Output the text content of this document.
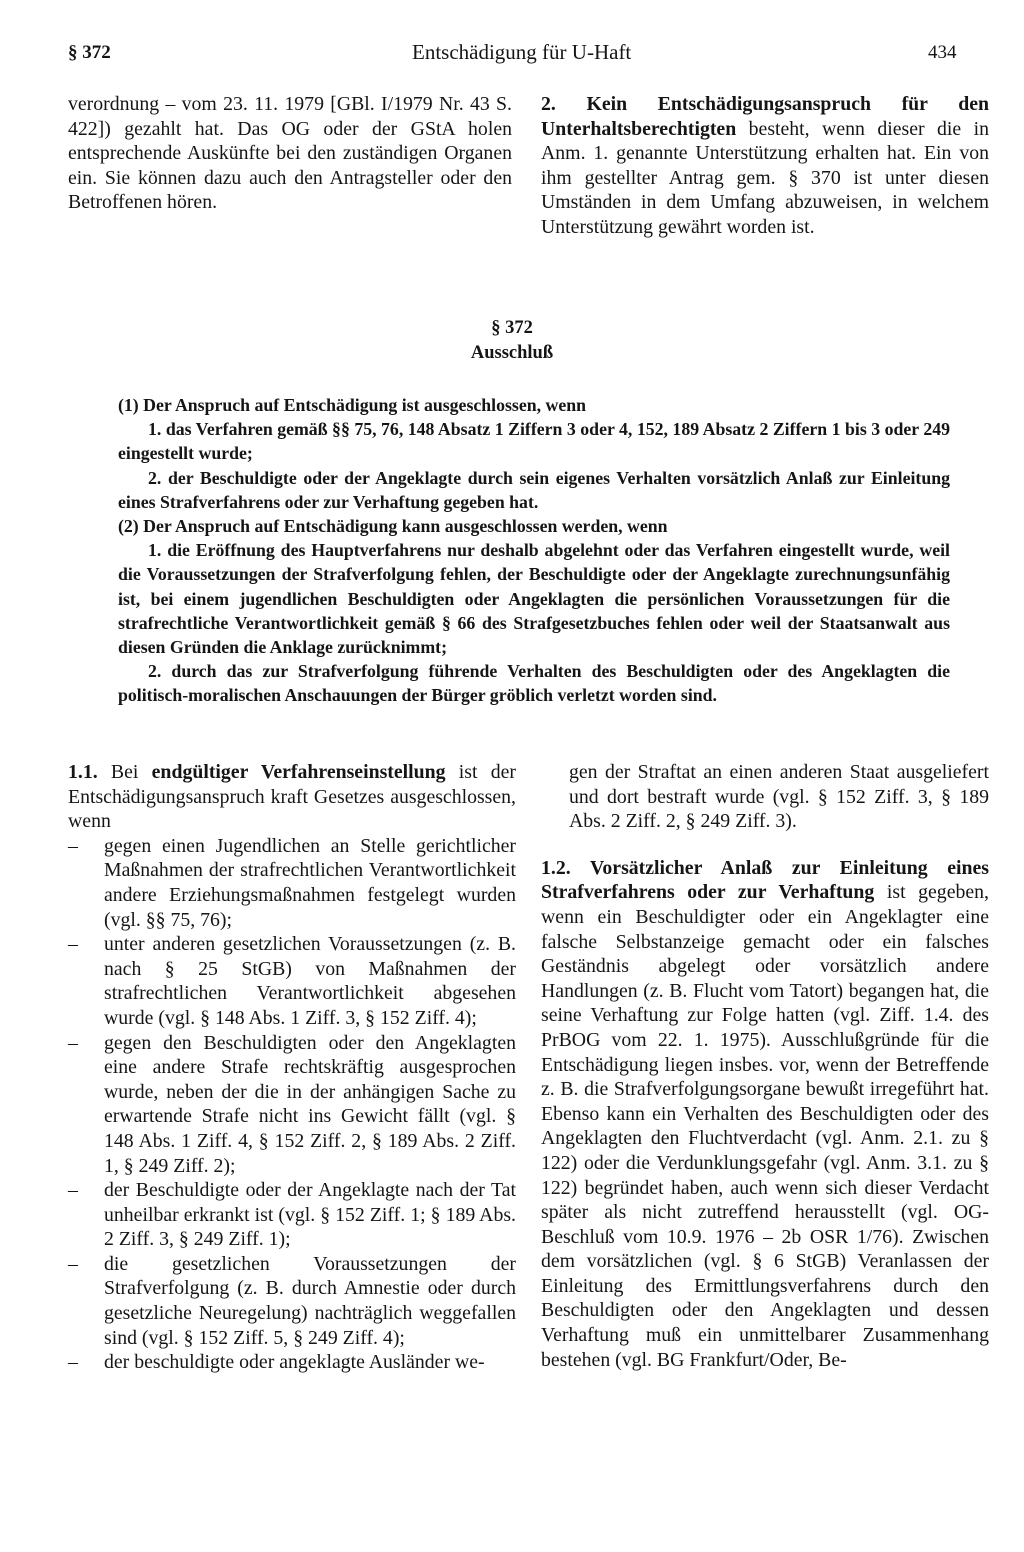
§ 372	Entschädigung für U-Haft	434

verordnung – vom 23. 11. 1979 [GBl. I/1979 Nr. 43 S. 422]) gezahlt hat. Das OG oder der GStA holen entsprechende Auskünfte bei den zuständigen Organen ein. Sie können dazu auch den Antragsteller oder den Betroffenen hören.

2. Kein Entschädigungsanspruch für den Unterhaltsberechtigten besteht, wenn dieser die in Anm. 1. genannte Unterstützung erhalten hat. Ein von ihm gestellter Antrag gem. § 370 ist unter diesen Umständen in dem Umfang abzuweisen, in welchem Unterstützung gewährt worden ist.

§ 372
Ausschluß

(1) Der Anspruch auf Entschädigung ist ausgeschlossen, wenn

1. das Verfahren gemäß §§ 75, 76, 148 Absatz 1 Ziffern 3 oder 4, 152, 189 Absatz 2 Ziffern 1 bis 3 oder 249 eingestellt wurde;

2. der Beschuldigte oder der Angeklagte durch sein eigenes Verhalten vorsätzlich Anlaß zur Einleitung eines Strafverfahrens oder zur Verhaftung gegeben hat.

(2) Der Anspruch auf Entschädigung kann ausgeschlossen werden, wenn

1. die Eröffnung des Hauptverfahrens nur deshalb abgelehnt oder das Verfahren eingestellt wurde, weil die Voraussetzungen der Strafverfolgung fehlen, der Beschuldigte oder der Angeklagte zurechnungsunfähig ist, bei einem jugendlichen Beschuldigten oder Angeklagten die persönlichen Voraussetzungen für die strafrechtliche Verantwortlichkeit gemäß § 66 des Strafgesetzbuches fehlen oder weil der Staatsanwalt aus diesen Gründen die Anklage zurücknimmt;

2. durch das zur Strafverfolgung führende Verhalten des Beschuldigten oder des Angeklagten die politisch-moralischen Anschauungen der Bürger gröblich verletzt worden sind.

1.1. Bei endgültiger Verfahrenseinstellung ist der Entschädigungsanspruch kraft Gesetzes ausgeschlossen, wenn

– gegen einen Jugendlichen an Stelle gerichtlicher Maßnahmen der strafrechtlichen Verantwortlichkeit andere Erziehungsmaßnahmen festgelegt wurden (vgl. §§ 75, 76);
– unter anderen gesetzlichen Voraussetzungen (z. B. nach § 25 StGB) von Maßnahmen der strafrechtlichen Verantwortlichkeit abgesehen wurde (vgl. § 148 Abs. 1 Ziff. 3, § 152 Ziff. 4);
– gegen den Beschuldigten oder den Angeklagten eine andere Strafe rechtskräftig ausgesprochen wurde, neben der die in der anhängigen Sache zu erwartende Strafe nicht ins Gewicht fällt (vgl. § 148 Abs. 1 Ziff. 4, § 152 Ziff. 2, § 189 Abs. 2 Ziff. 1, § 249 Ziff. 2);
– der Beschuldigte oder der Angeklagte nach der Tat unheilbar erkrankt ist (vgl. § 152 Ziff. 1; § 189 Abs. 2 Ziff. 3, § 249 Ziff. 1);
– die gesetzlichen Voraussetzungen der Strafverfolgung (z. B. durch Amnestie oder durch gesetzliche Neuregelung) nachträglich weggefallen sind (vgl. § 152 Ziff. 5, § 249 Ziff. 4);
– der beschuldigte oder angeklagte Ausländer we-

gen der Straftat an einen anderen Staat ausgeliefert und dort bestraft wurde (vgl. § 152 Ziff. 3, § 189 Abs. 2 Ziff. 2, § 249 Ziff. 3).

1.2. Vorsätzlicher Anlaß zur Einleitung eines Strafverfahrens oder zur Verhaftung ist gegeben, wenn ein Beschuldigter oder ein Angeklagter eine falsche Selbstanzeige gemacht oder ein falsches Geständnis abgelegt oder vorsätzlich andere Handlungen (z. B. Flucht vom Tatort) begangen hat, die seine Verhaftung zur Folge hatten (vgl. Ziff. 1.4. des PrBOG vom 22. 1. 1975). Ausschlußgründe für die Entschädigung liegen insbes. vor, wenn der Betreffende z. B. die Strafverfolgungsorgane bewußt irregeführt hat. Ebenso kann ein Verhalten des Beschuldigten oder des Angeklagten den Fluchtverdacht (vgl. Anm. 2.1. zu § 122) oder die Verdunklungsgefahr (vgl. Anm. 3.1. zu § 122) begründet haben, auch wenn sich dieser Verdacht später als nicht zutreffend herausstellt (vgl. OG-Beschluß vom 10.9. 1976 – 2b OSR 1/76). Zwischen dem vorsätzlichen (vgl. § 6 StGB) Veranlassen der Einleitung des Ermittlungsverfahrens durch den Beschuldigten oder den Angeklagten und dessen Verhaftung muß ein unmittelbarer Zusammenhang bestehen (vgl. BG Frankfurt/Oder, Be-
